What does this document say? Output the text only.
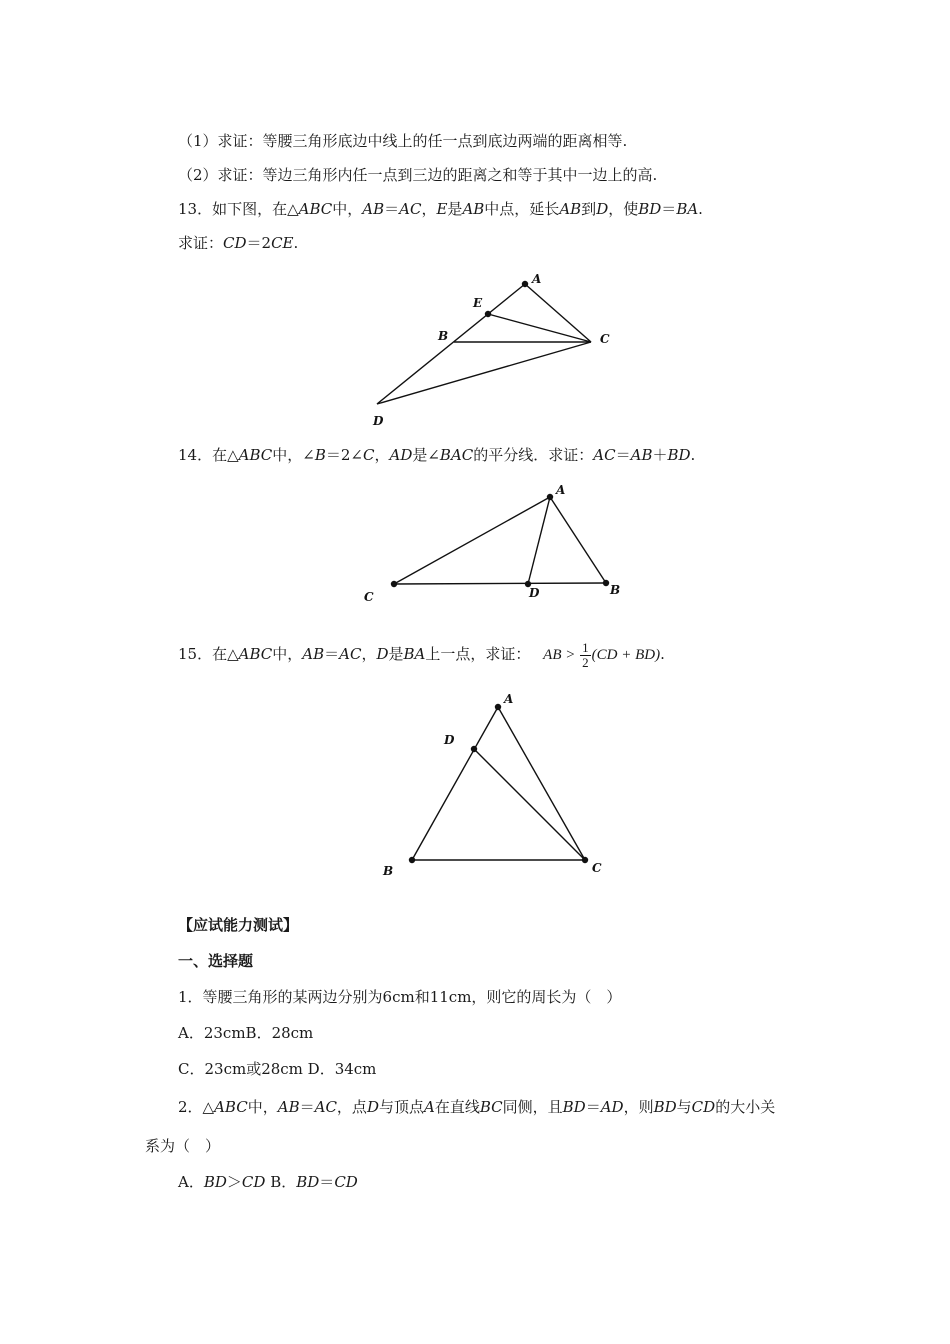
（1）求证：等腰三角形底边中线上的任一点到底边两端的距离相等.
（2）求证：等边三角形内任一点到三边的距离之和等于其中一边上的高.
13．如下图，在△ABC中，AB＝AC，E是AB中点，延长AB到D，使BD＝BA.
求证：CD＝2CE.
A
E
B	C
D
14．在△ABC中，∠B＝2∠C，AD是∠BAC的平分线．求证：AC＝AB＋BD.
A
C	D	B
15．在△ABC中，AB＝AC，D是BA上一点，求证： AB > $\frac{1}{2} (CD + BD)$.
A
D
B	C
【应试能力测试】
一、选择题
1．等腰三角形的某两边分别为6cm和11cm，则它的周长为（　）
A．23cmB．28cm
C．23cm或28cm D．34cm
2．△ABC中，AB＝AC，点D与顶点A在直线BC同侧，且BD＝AD，则BD与CD的大小关
系为（　）
A．BD＞CD B．BD＝CD
